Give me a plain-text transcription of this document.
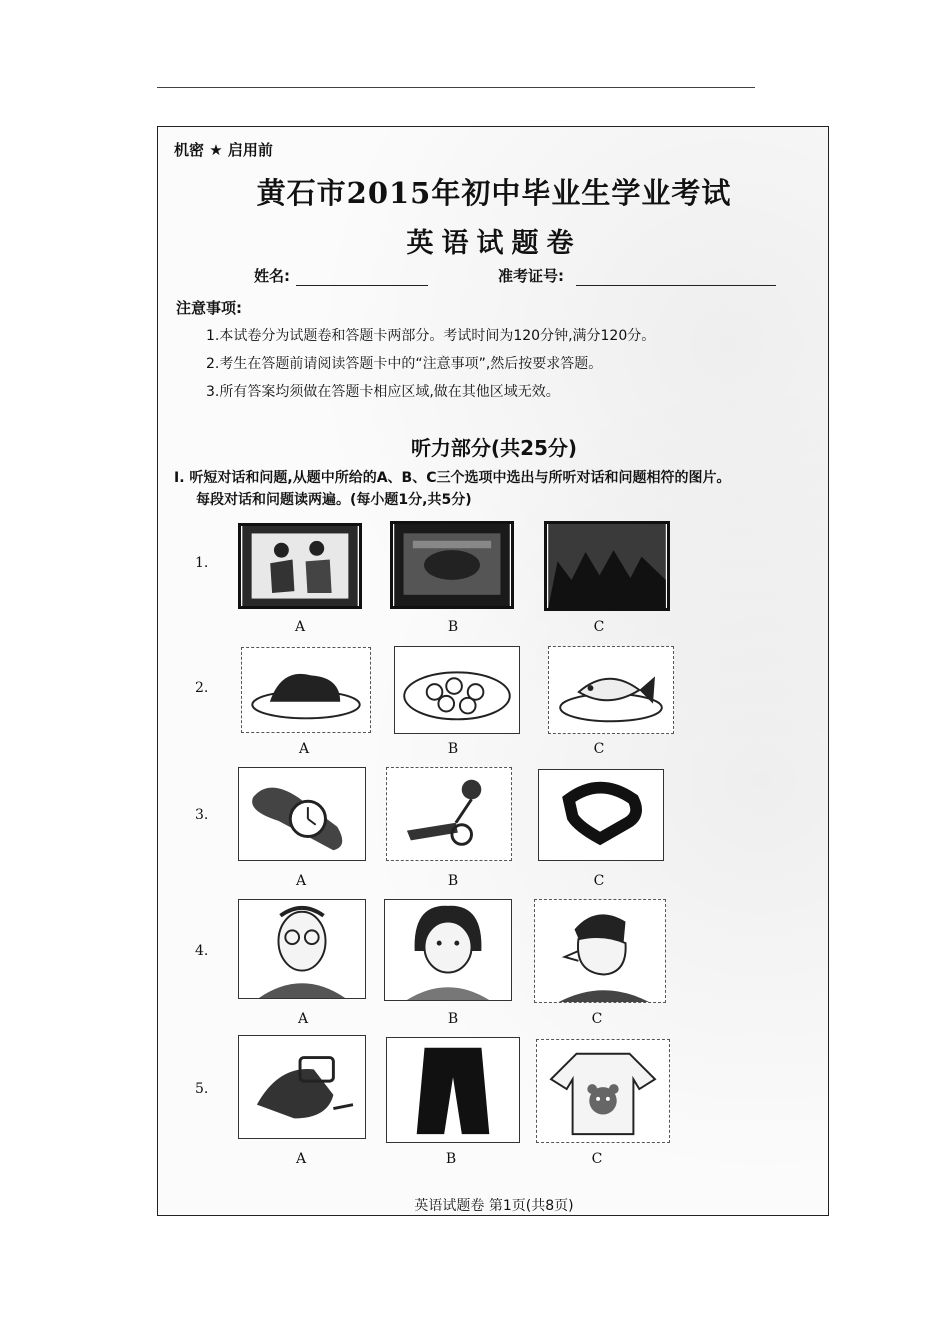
机密 ★ 启用前
黄石市2015年初中毕业生学业考试
英语试题卷
姓名:	准考证号:
注意事项:
1.本试卷分为试题卷和答题卡两部分。考试时间为120分钟,满分120分。
2.考生在答题前请阅读答题卡中的“注意事项”,然后按要求答题。
3.所有答案均须做在答题卡相应区域,做在其他区域无效。
听力部分(共25分)
I. 听短对话和问题,从题中所给的A、B、C三个选项中选出与所听对话和问题相符的图片。
每段对话和问题读两遍。(每小题1分,共5分)
1.
A	B	C
2.
A	B	C
3.
A	B	C
4.
A	B	C
5.
A	B	C
英语试题卷 第1页(共8页)
